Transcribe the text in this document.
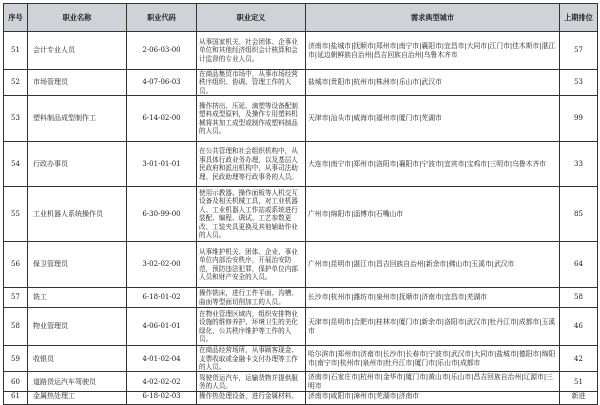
序号	职业名称	职业代码	职业定义	需求典型城市	上期排位
51	会计专业人员	2-06-03-00	从事国家机关、社会团体、企事业单位和其他经济组织会计核算和会计监督的专业人员。	济南市|盐城市|抚顺市|郑州市|南宁市|襄阳市|宜昌市|大同市|江门市|佳木斯市|湛江市|延边朝鲜族自治州|昌吉回族自治州|乌鲁木齐市	57
52	市场管理员	4-07-06-03	在商品集贸市场中，从事市场经营秩序组织、协调、管理工作的人员。	盐城市|贵阳市|杭州市|株洲市|乐山市|武汉市	53
53	塑料制品成型制作工	6-14-02-00	操作挤出、压延、滴塑等设备配制塑料成型原料，及操作专用塑料机械将其加工成型或制作成塑料制品的人员。	天津市|汕头市|威海市|福州市|厦门市|芜湖市	99
54	行政办事员	3-01-01-01	在公共管理和社会组织机构中，从事具体行政业务办理，以及基层人民政府和派出机构中，从事司法助理、民政助理等行政事务的人员。	大连市|南宁市|郑州市|洛阳市|襄阳市|宁波市|宜宾市|宝鸡市|三明市|乌鲁木齐市	33
55	工业机器人系统操作员	6-30-99-00	使用示教器、操作面板等人机交互设备及相关机械工具，对工业机器人、工业机器人工作站或系统进行装配、编程、调试、工艺参数更改、工装夹具更换及其他辅助作业的人员。	广州市|绵阳市|淄博市|石嘴山市	85
56	保卫管理员	3-02-02-00	从事维护机关、团体、企业、事业单位内部治安秩序，开展治安防范，预防违法犯罪，保护单位内部人员和财产安全的人员。	广州市|昆明市|湛江市|昌吉回族自治州|新余市|佛山市|玉溪市|武汉市	64
57	铣工	6-18-01-02	操作铣床，进行工件平面、沟槽、曲面等型面切削加工的人员。	长沙市|杭州市|潍坊市|泉州市|抚顺市|济南市|宜昌市|芜湖市	58
58	物业管理员	4-06-01-01	在物业管理区域内，组织安排物业设施的维修养护、环境卫生的美化绿化、公共秩序维护等工作的人员。	天津市|昆明市|合肥市|桂林市|厦门市|新余市|洛阳市|武汉市|牡丹江市|成都市|玉溪市	46
59	收银员	4-01-02-04	在商品经营场所，从事顾客现金、支票收取或金融卡支付办理等工作的人员。	哈尔滨市|郑州市|济南市|长沙市|长春市|宁波市|武汉市|大同市|盐城市|德阳市|绵阳市|南宁市|杭州市|泉州市|牡丹江市|厦门市|乐山市|成都市	42
60	道路货运汽车驾驶员	4-02-02-02	驾驶货运汽车，运输货物并提供服务的人员。	济南市|石家庄市|杭州市|金华市|厦门市|黄山市|乐山市|昌吉回族自治州|辽源市|三明市	51
61	金属热处理工	6-18-02-03	操作热处理设备，进行金属材料、	济南市|咸阳市|漳州市|芜湖市|济南市	新进
